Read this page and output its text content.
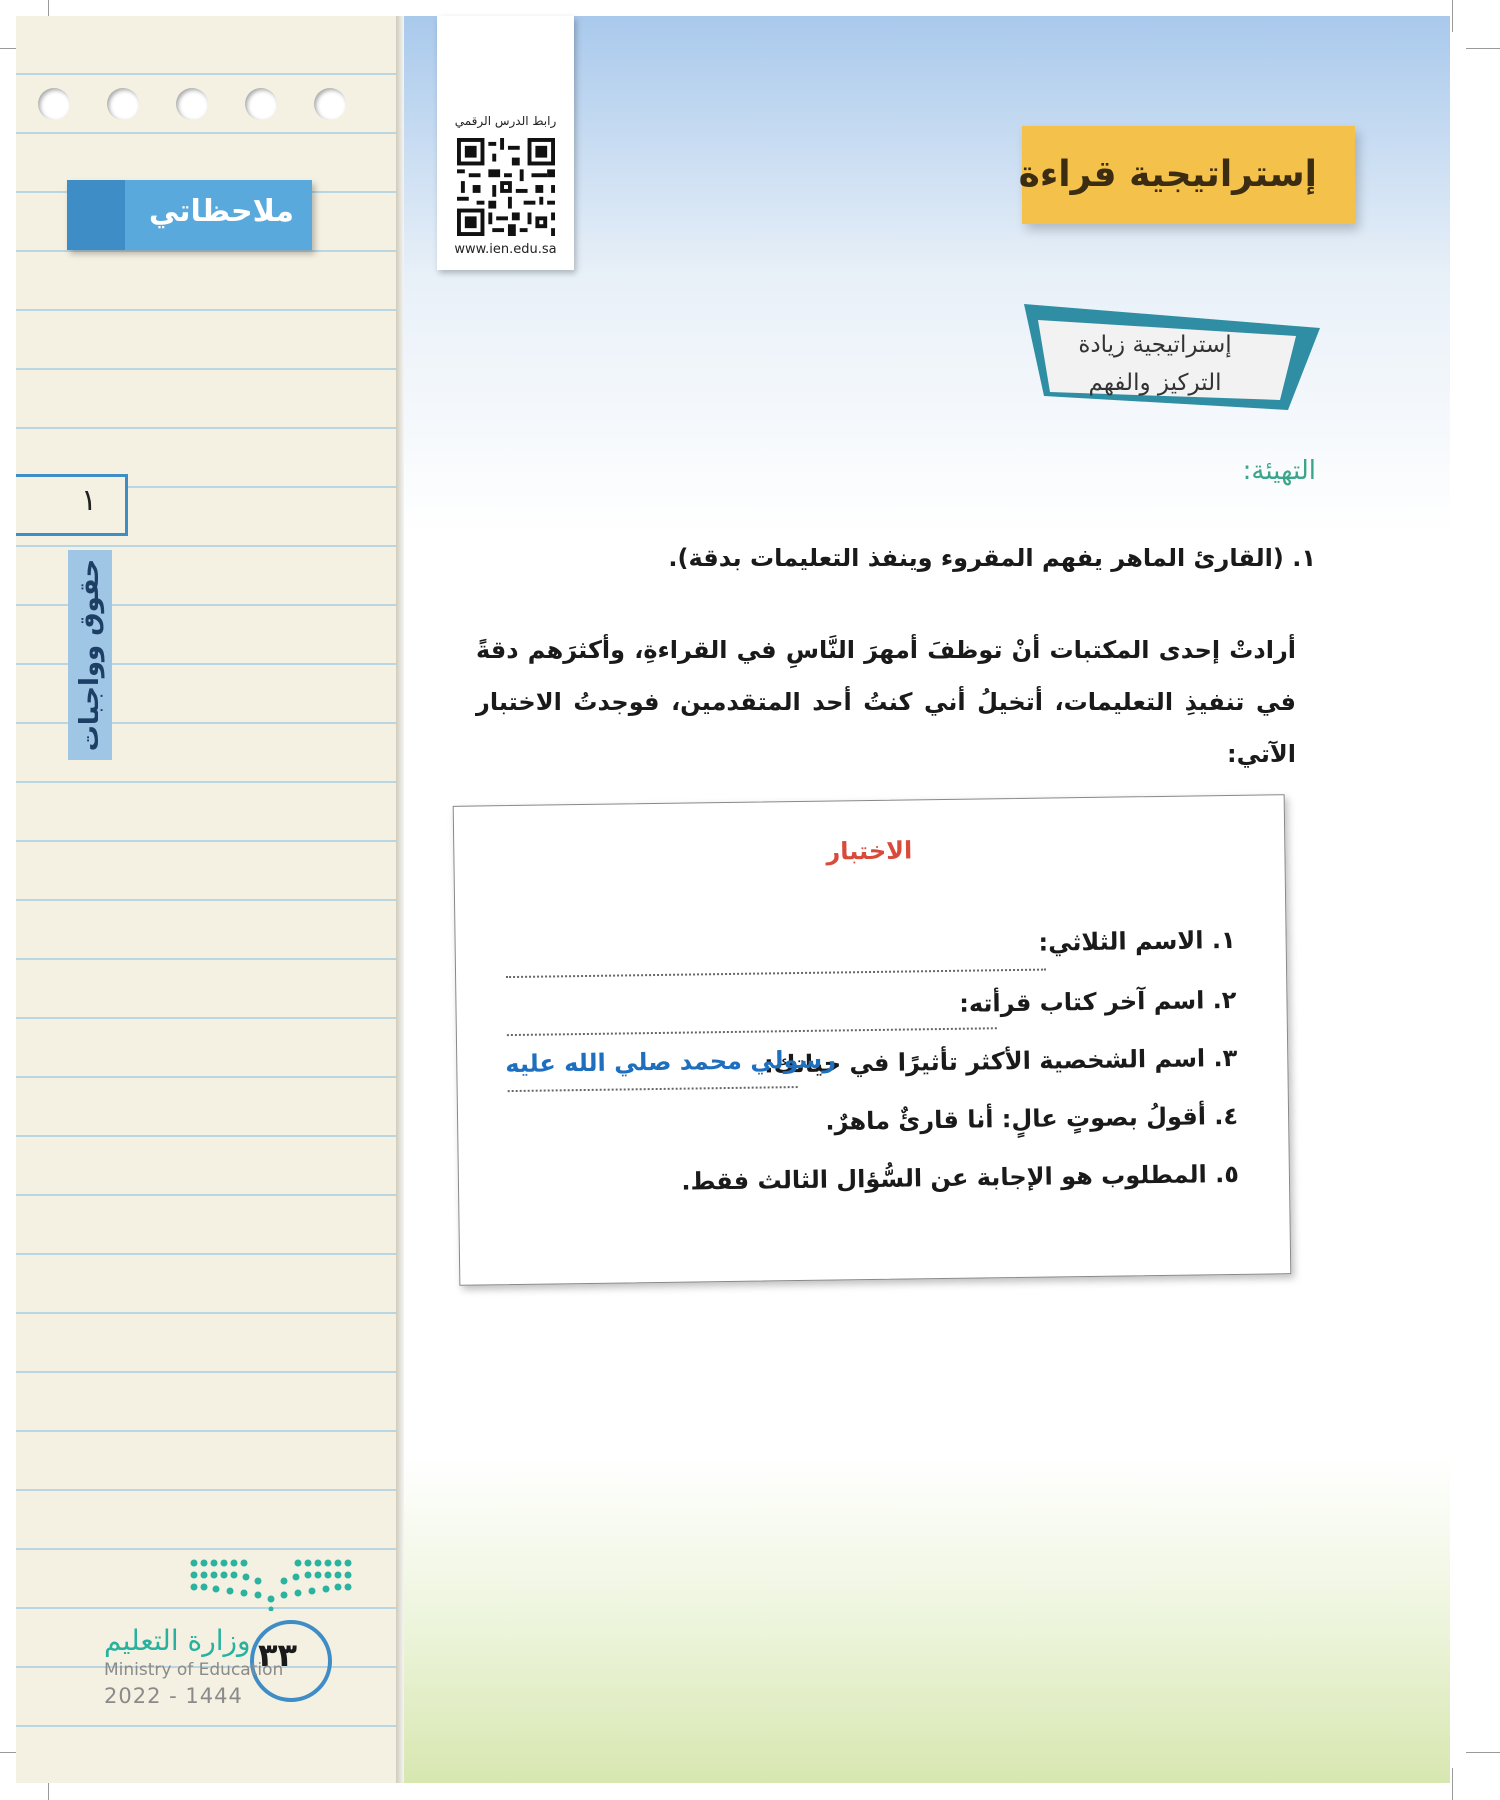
ملاحظاتي
١
حقوق وواجبات
وزارة التعليم ٣٣
Ministry of Education
2022 - 1444
رابط الدرس الرقمي
www.ien.edu.sa
إستراتيجية قراءة
إستراتيجية زيادة التركيز والفهم
التهيئة:
١. (القارئ الماهر يفهم المقروء وينفذ التعليمات بدقة).
أرادتْ إحدى المكتبات أنْ توظفَ أمهرَ النَّاسِ في القراءةِ، وأكثرَهم دقةً في تنفيذِ التعليمات، أتخيلُ أني كنتُ أحد المتقدمين، فوجدتُ الاختبار الآتي:
الاختبار
١. الاسم الثلاثي:
٢. اسم آخر كتاب قرأته:
٣. اسم الشخصية الأكثر تأثيرًا في حياتك:
رسولي محمد صلي الله عليه
٤. أقولُ بصوتٍ عالٍ: أنا قارئٌ ماهرٌ.
٥. المطلوب هو الإجابة عن السُّؤال الثالث فقط.
